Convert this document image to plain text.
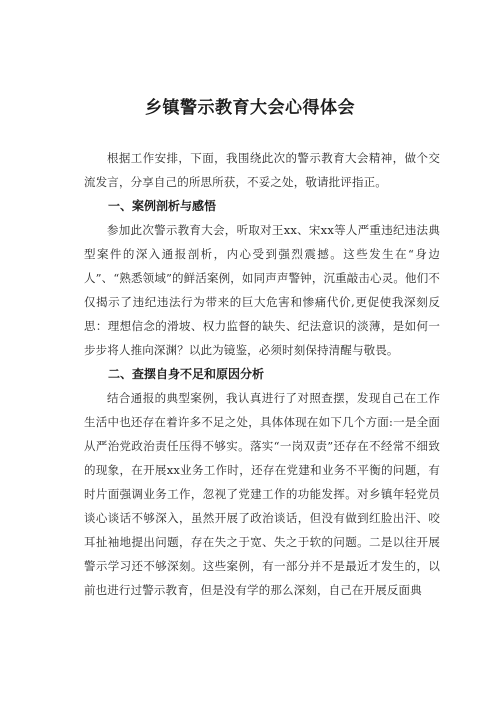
乡镇警示教育大会心得体会

根据工作安排，下面，我围绕此次的警示教育大会精神，做个交流发言，分享自己的所思所获，不妥之处，敬请批评指正。

一、案例剖析与感悟

参加此次警示教育大会，听取对王xx、宋xx等人严重违纪违法典型案件的深入通报剖析，内心受到强烈震撼。这些发生在“身边人”、“熟悉领域”的鲜活案例，如同声声警钟，沉重敲击心灵。他们不仅揭示了违纪违法行为带来的巨大危害和惨痛代价,更促使我深刻反思：理想信念的滑坡、权力监督的缺失、纪法意识的淡薄，是如何一步步将人推向深渊？以此为镜鉴，必须时刻保持清醒与敬畏。

二、查摆自身不足和原因分析

结合通报的典型案例，我认真进行了对照查摆，发现自己在工作生活中也还存在着许多不足之处，具体体现在如下几个方面:一是全面从严治党政治责任压得不够实。落实“一岗双责”还存在不经常不细致的现象，在开展xx业务工作时，还存在党建和业务不平衡的问题，有时片面强调业务工作，忽视了党建工作的功能发挥。对乡镇年轻党员谈心谈话不够深入，虽然开展了政治谈话，但没有做到红脸出汗、咬耳扯袖地提出问题，存在失之于宽、失之于软的问题。二是以往开展警示学习还不够深刻。这些案例，有一部分并不是最近才发生的，以前也进行过警示教育，但是没有学的那么深刻，自己在开展反面典
